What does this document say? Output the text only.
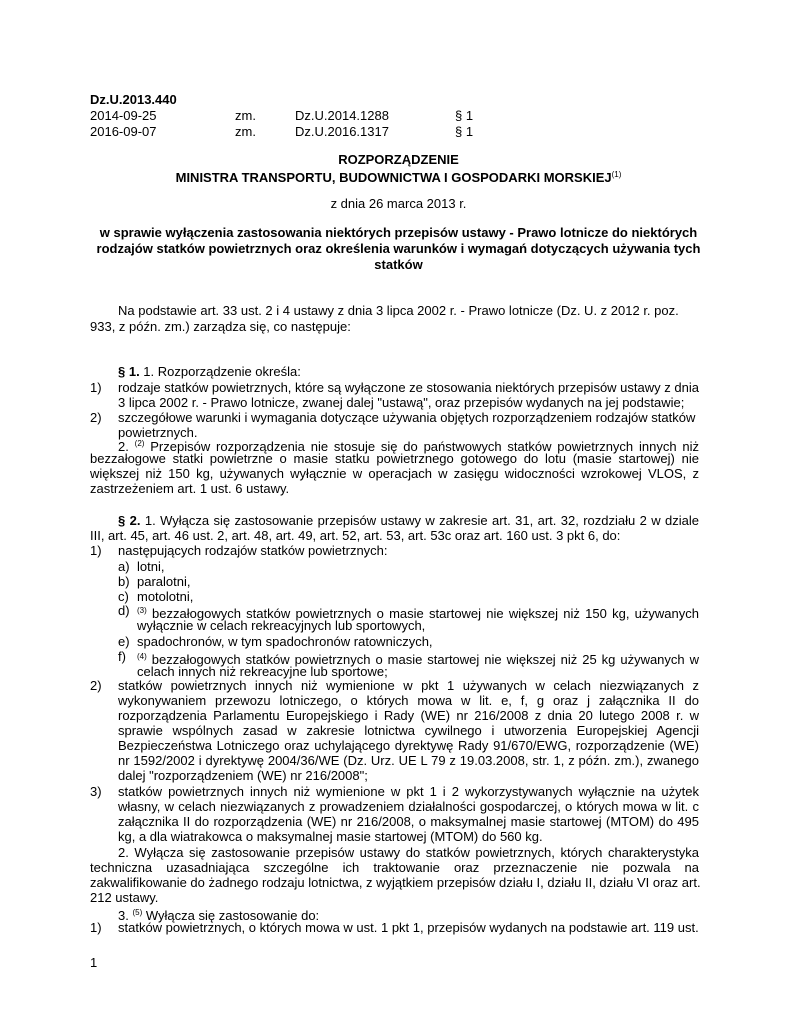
Dz.U.2013.440
2014-09-25	zm.	Dz.U.2014.1288	§ 1
2016-09-07	zm.	Dz.U.2016.1317	§ 1
ROZPORZĄDZENIE
MINISTRA TRANSPORTU, BUDOWNICTWA I GOSPODARKI MORSKIEJ$^{(1)}$
z dnia 26 marca 2013 r.
w sprawie wyłączenia zastosowania niektórych przepisów ustawy - Prawo lotnicze do niektórych
rodzajów statków powietrznych oraz określenia warunków i wymagań dotyczących używania tych
statków
Na podstawie art. 33 ust. 2 i 4 ustawy z dnia 3 lipca 2002 r. - Prawo lotnicze (Dz. U. z 2012 r. poz.
933, z późn. zm.) zarządza się, co następuje:
§ 1. 1. Rozporządzenie określa:
1) rodzaje statków powietrznych, które są wyłączone ze stosowania niektórych przepisów ustawy z dnia
3 lipca 2002 r. - Prawo lotnicze, zwanej dalej "ustawą", oraz przepisów wydanych na jej podstawie;
2) szczegółowe warunki i wymagania dotyczące używania objętych rozporządzeniem rodzajów statków
powietrznych.
2. $^{(2)}$ Przepisów rozporządzenia nie stosuje się do państwowych statków powietrznych innych niż
bezzałogowe statki powietrzne o masie statku powietrznego gotowego do lotu (masie startowej) nie
większej niż 150 kg, używanych wyłącznie w operacjach w zasięgu widoczności wzrokowej VLOS, z
zastrzeżeniem art. 1 ust. 6 ustawy.
§ 2. 1. Wyłącza się zastosowanie przepisów ustawy w zakresie art. 31, art. 32, rozdziału 2 w dziale
III, art. 45, art. 46 ust. 2, art. 48, art. 49, art. 52, art. 53, art. 53c oraz art. 160 ust. 3 pkt 6, do:
1) następujących rodzajów statków powietrznych:
a) lotni,
b) paralotni,
c) motolotni,
d) $^{(3)}$ bezzałogowych statków powietrznych o masie startowej nie większej niż 150 kg, używanych
wyłącznie w celach rekreacyjnych lub sportowych,
e) spadochronów, w tym spadochronów ratowniczych,
f) $^{(4)}$ bezzałogowych statków powietrznych o masie startowej nie większej niż 25 kg używanych w
celach innych niż rekreacyjne lub sportowe;
2) statków powietrznych innych niż wymienione w pkt 1 używanych w celach niezwiązanych z
wykonywaniem przewozu lotniczego, o których mowa w lit. e, f, g oraz j załącznika II do
rozporządzenia Parlamentu Europejskiego i Rady (WE) nr 216/2008 z dnia 20 lutego 2008 r. w
sprawie wspólnych zasad w zakresie lotnictwa cywilnego i utworzenia Europejskiej Agencji
Bezpieczeństwa Lotniczego oraz uchylającego dyrektywę Rady 91/670/EWG, rozporządzenie (WE)
nr 1592/2002 i dyrektywę 2004/36/WE (Dz. Urz. UE L 79 z 19.03.2008, str. 1, z późn. zm.), zwanego
dalej "rozporządzeniem (WE) nr 216/2008";
3) statków powietrznych innych niż wymienione w pkt 1 i 2 wykorzystywanych wyłącznie na użytek
własny, w celach niezwiązanych z prowadzeniem działalności gospodarczej, o których mowa w lit. c
załącznika II do rozporządzenia (WE) nr 216/2008, o maksymalnej masie startowej (MTOM) do 495
kg, a dla wiatrakowca o maksymalnej masie startowej (MTOM) do 560 kg.
2. Wyłącza się zastosowanie przepisów ustawy do statków powietrznych, których charakterystyka
techniczna uzasadniająca szczególne ich traktowanie oraz przeznaczenie nie pozwala na
zakwalifikowanie do żadnego rodzaju lotnictwa, z wyjątkiem przepisów działu I, działu II, działu VI oraz art.
212 ustawy.
3. $^{(5)}$ Wyłącza się zastosowanie do:
1) statków powietrznych, o których mowa w ust. 1 pkt 1, przepisów wydanych na podstawie art. 119 ust.
1
